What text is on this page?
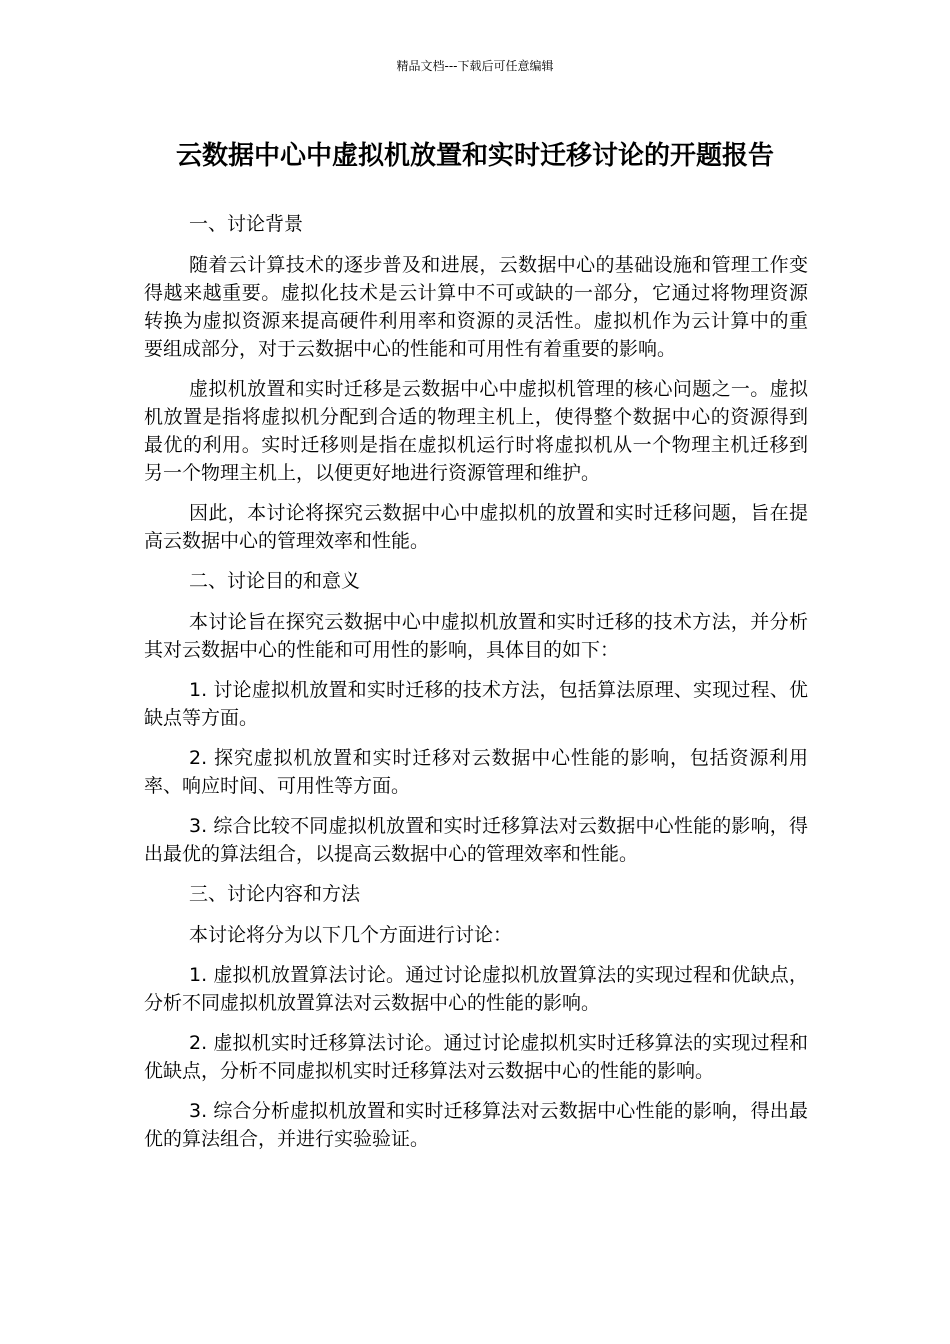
精品文档---下载后可任意编辑
云数据中心中虚拟机放置和实时迁移讨论的开题报告

一、讨论背景

随着云计算技术的逐步普及和进展，云数据中心的基础设施和管理工作变得越来越重要。虚拟化技术是云计算中不可或缺的一部分，它通过将物理资源转换为虚拟资源来提高硬件利用率和资源的灵活性。虚拟机作为云计算中的重要组成部分，对于云数据中心的性能和可用性有着重要的影响。

虚拟机放置和实时迁移是云数据中心中虚拟机管理的核心问题之一。虚拟机放置是指将虚拟机分配到合适的物理主机上，使得整个数据中心的资源得到最优的利用。实时迁移则是指在虚拟机运行时将虚拟机从一个物理主机迁移到另一个物理主机上，以便更好地进行资源管理和维护。

因此，本讨论将探究云数据中心中虚拟机的放置和实时迁移问题，旨在提高云数据中心的管理效率和性能。

二、讨论目的和意义

本讨论旨在探究云数据中心中虚拟机放置和实时迁移的技术方法，并分析其对云数据中心的性能和可用性的影响，具体目的如下：

1. 讨论虚拟机放置和实时迁移的技术方法，包括算法原理、实现过程、优缺点等方面。

2. 探究虚拟机放置和实时迁移对云数据中心性能的影响，包括资源利用率、响应时间、可用性等方面。

3. 综合比较不同虚拟机放置和实时迁移算法对云数据中心性能的影响，得出最优的算法组合，以提高云数据中心的管理效率和性能。

三、讨论内容和方法

本讨论将分为以下几个方面进行讨论：

1. 虚拟机放置算法讨论。通过讨论虚拟机放置算法的实现过程和优缺点，分析不同虚拟机放置算法对云数据中心的性能的影响。

2. 虚拟机实时迁移算法讨论。通过讨论虚拟机实时迁移算法的实现过程和优缺点，分析不同虚拟机实时迁移算法对云数据中心的性能的影响。

3. 综合分析虚拟机放置和实时迁移算法对云数据中心性能的影响，得出最优的算法组合，并进行实验验证。
